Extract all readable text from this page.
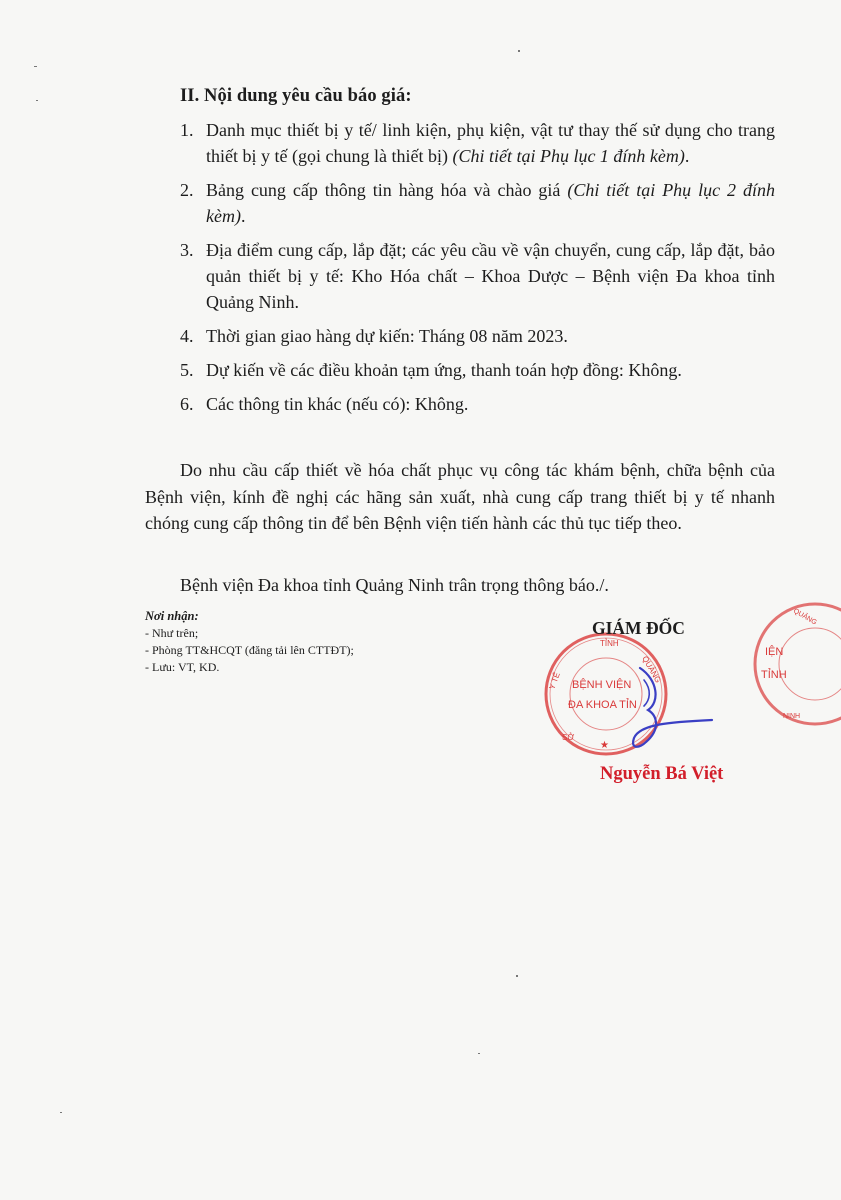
II. Nội dung yêu cầu báo giá:
1. Danh mục thiết bị y tế/ linh kiện, phụ kiện, vật tư thay thế sử dụng cho trang thiết bị y tế (gọi chung là thiết bị) (Chi tiết tại Phụ lục 1 đính kèm).
2. Bảng cung cấp thông tin hàng hóa và chào giá (Chi tiết tại Phụ lục 2 đính kèm).
3. Địa điểm cung cấp, lắp đặt; các yêu cầu về vận chuyển, cung cấp, lắp đặt, bảo quản thiết bị y tế: Kho Hóa chất – Khoa Dược – Bệnh viện Đa khoa tỉnh Quảng Ninh.
4. Thời gian giao hàng dự kiến: Tháng 08 năm 2023.
5. Dự kiến về các điều khoản tạm ứng, thanh toán hợp đồng: Không.
6. Các thông tin khác (nếu có): Không.

Do nhu cầu cấp thiết về hóa chất phục vụ công tác khám bệnh, chữa bệnh của Bệnh viện, kính đề nghị các hãng sản xuất, nhà cung cấp trang thiết bị y tế nhanh chóng cung cấp thông tin để bên Bệnh viện tiến hành các thủ tục tiếp theo.

Bệnh viện Đa khoa tỉnh Quảng Ninh trân trọng thông báo./.

Nơi nhận:
- Như trên;
- Phòng TT&HCQT (đăng tải lên CTTĐT);
- Lưu: VT, KD.
TỈNH
Y TẾ	QUẢNG
BỆNH VIỆN
ĐA KHOA TỈN
SỞ
★
IỆN
TỈNH
QUẢNG
NINH
GIÁM ĐỐC
Nguyễn Bá Việt
